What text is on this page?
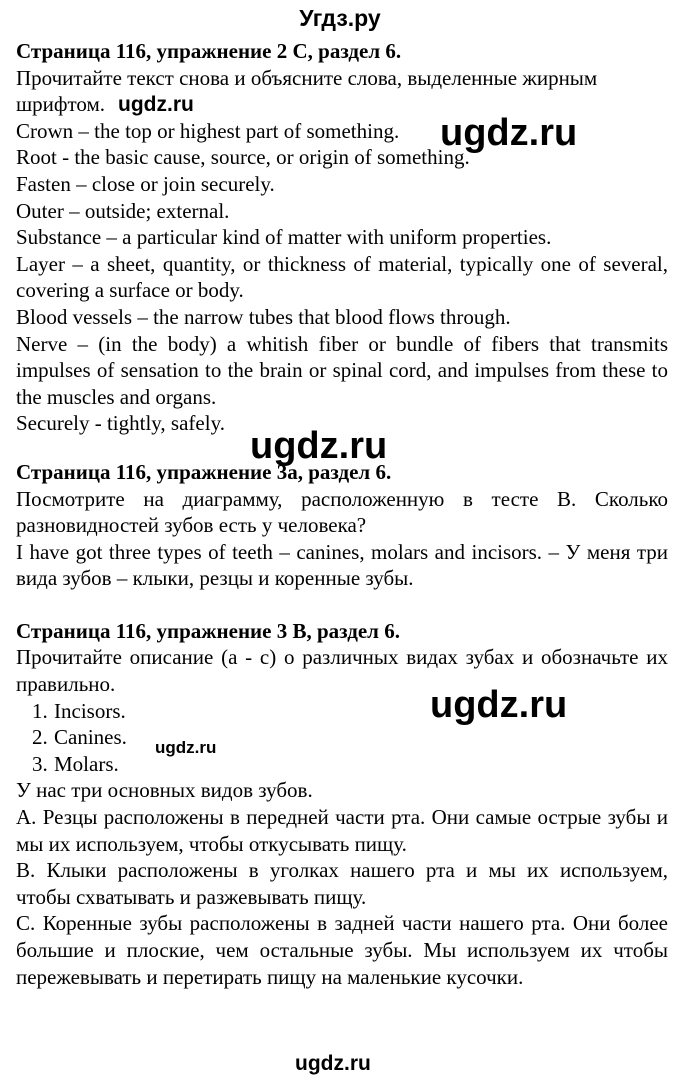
Угдз.ру

Страница 116, упражнение 2 С, раздел 6.

Прочитайте текст снова и объясните слова, выделенные жирным

шрифтом.

Crown – the top or highest part of something.

Root - the basic cause, source, or origin of something.

Fasten – close or join securely.

Outer – outside; external.

Substance – a particular kind of matter with uniform properties.

Layer – a sheet, quantity, or thickness of material, typically one of several, covering a surface or body.

Blood vessels – the narrow tubes that blood flows through.

Nerve – (in the body) a whitish fiber or bundle of fibers that transmits impulses of sensation to the brain or spinal cord, and impulses from these to the muscles and organs.

Securely - tightly, safely.

Страница 116, упражнение 3a, раздел 6.

Посмотрите на диаграмму, расположенную в тесте В. Сколько разновидностей зубов есть у человека?

I have got three types of teeth – canines, molars and incisors. – У меня три вида зубов – клыки, резцы и коренные зубы.

Страница 116, упражнение 3 В, раздел 6.

Прочитайте описание (a - c) о различных видах зубах и обозначьте их правильно.

1. Incisors.
2. Canines.
3. Molars.

У нас три основных видов зубов.

А. Резцы расположены в передней части рта. Они самые острые зубы и мы их используем, чтобы откусывать пищу.

В. Клыки расположены в уголках нашего рта и мы их используем, чтобы схватывать и разжевывать пищу.

С. Коренные зубы расположены в задней части нашего рта. Они более большие и плоские, чем остальные зубы. Мы используем их чтобы пережевывать и перетирать пищу на маленькие кусочки.

ugdz.ru
ugdz.ru
ugdz.ru
ugdz.ru
ugdz.ru
ugdz.ru
